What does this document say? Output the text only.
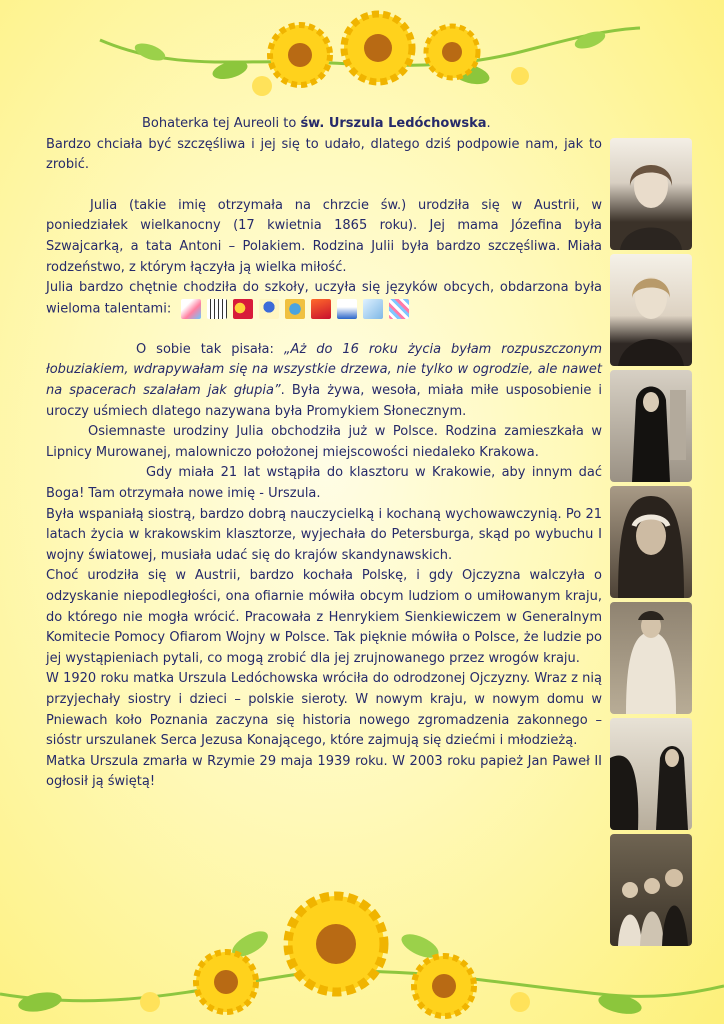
Bohaterka tej Aureoli to św. Urszula Ledóchowska.

Bardzo chciała być szczęśliwa i jej się to udało, dlatego dziś podpowie nam, jak to zrobić.

Julia (takie imię otrzymała na chrzcie św.) urodziła się w Austrii, w poniedziałek wielkanocny (17 kwietnia 1865 roku). Jej mama Józefina była Szwajcarką, a tata Antoni – Polakiem. Rodzina Julii była bardzo szczęśliwa. Miała rodzeństwo, z którym łączyła ją wielka miłość.

Julia bardzo chętnie chodziła do szkoły, uczyła się języków obcych, obdarzona była wieloma talentami:

O sobie tak pisała: „Aż do 16 roku życia byłam rozpuszczonym łobuziakiem, wdrapywałam się na wszystkie drzewa, nie tylko w ogrodzie, ale nawet na spacerach szalałam jak głupia”. Była żywa, wesoła, miała miłe usposobienie i uroczy uśmiech dlatego nazywana była Promykiem Słonecznym.

Osiemnaste urodziny Julia obchodziła już w Polsce. Rodzina zamieszkała w Lipnicy Murowanej, malowniczo położonej miejscowości niedaleko Krakowa.

Gdy miała 21 lat wstąpiła do klasztoru w Krakowie, aby innym dać Boga! Tam otrzymała nowe imię - Urszula.

Była wspaniałą siostrą, bardzo dobrą nauczycielką i kochaną wychowawczynią. Po 21 latach życia w krakowskim klasztorze, wyjechała do Petersburga, skąd po wybuchu I wojny światowej, musiała udać się do krajów skandynawskich.

Choć urodziła się w Austrii, bardzo kochała Polskę, i gdy Ojczyzna walczyła o odzyskanie niepodległości, ona ofiarnie mówiła obcym ludziom o umiłowanym kraju, do którego nie mogła wrócić. Pracowała z Henrykiem Sienkiewiczem w Generalnym Komitecie Pomocy Ofiarom Wojny w Polsce. Tak pięknie mówiła o Polsce, że ludzie po jej wystąpieniach pytali, co mogą zrobić dla jej zrujnowanego przez wrogów kraju.

W 1920 roku matka Urszula Ledóchowska wróciła do odrodzonej Ojczyzny. Wraz z nią przyjechały siostry i dzieci – polskie sieroty. W nowym kraju, w nowym domu w Pniewach koło Poznania zaczyna się historia nowego zgromadzenia zakonnego – sióstr urszulanek Serca Jezusa Konającego, które zajmują się dziećmi i młodzieżą.

Matka Urszula zmarła w Rzymie 29 maja 1939 roku. W 2003 roku papież Jan Paweł II ogłosił ją świętą!
